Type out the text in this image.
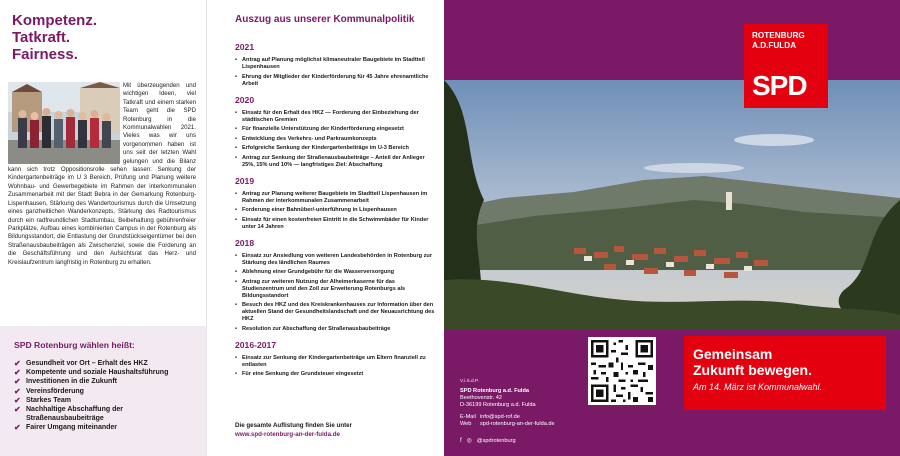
Kompetenz.
Tatkraft.
Fairness.
Mit überzeugenden und wichtigen Ideen, viel Tatkraft und einem starken Team geht die SPD Rotenburg in die Kommunalwahlen 2021. Vieles was wir uns vorgenommen haben ist uns seit der letzten Wahl gelungen und die Bilanz kann sich trotz Oppositionsrolle sehen lassen: Senkung der Kindergartenbeiträge im U 3 Bereich, Prüfung und Planung weitere Wohnbau- und Gewerbegebiete im Rahmen der interkommunalen Zusammenarbeit mit der Stadt Bebra in der Gemarkung Rotenburg-Lispenhausen, Stärkung des Wandertourismus durch die Umsetzung eines ganzheitlichen Wanderkonzepts, Stärkung des Radtourismus durch ein radfreundlichen Stadtumbau, Beibehaltung gebührenfreier Parkplätze, Aufbau eines kombinierten Campus in der Rotenburg als Bildungsstandort, die Entlastung der Grundstückseigentümer bei den Straßenausbaubeiträgen als Zwischenziel, sowie die Forderung an die Geschäftsführung und den Aufsichtsrat das Herz- und Kreislaufzentrum langfristig in Rotenburg zu erhalten.
SPD Rotenburg wählen heißt:
✔ Gesundheit vor Ort – Erhalt des HKZ
✔ Kompetente und soziale Haushaltsführung
✔ Investitionen in die Zukunft
✔ Vereinsförderung
✔ Starkes Team
✔ Nachhaltige Abschaffung der Straßenausbaubeiträge
✔ Fairer Umgang miteinander
Auszug aus unserer Kommunalpolitik
2021
• Antrag auf Planung möglichst klimaneutraler Baugebiete im Stadtteil Lispenhausen
• Ehrung der Mitglieder der Kinderförderung für 45 Jahre ehrenamtliche Arbeit
2020
• Einsatz für den Erhalt des HKZ — Forderung der Einbeziehung der städtischen Gremien
• Für finanzielle Unterstützung der Kinderförderung eingesetzt
• Entwicklung des Verkehrs- und Parkraumkonzepts
• Erfolgreiche Senkung der Kindergartenbeiträge im U-3 Bereich
• Antrag zur Senkung der Straßenausbaubeiträge – Anteil der Anlieger 25%, 15% und 10% — langfristiges Ziel: Abschaffung
2019
• Antrag zur Planung weiterer Baugebiete im Stadtteil Lispenhausen im Rahmen der interkommunalen Zusammenarbeit
• Forderung einer Bahnüber/-unterführung in Lispenhausen
• Einsatz für einen kostenfreien Eintritt in die Schwimmbäder für Kinder unter 14 Jahren
2018
• Einsatz zur Ansiedlung von weiteren Landesbehörden in Rotenburg zur Stärkung des ländlichen Raumes
• Ablehnung einer Grundgebühr für die Wasserversorgung
• Antrag zur weiteren Nutzung der Alheimerkaserne für das Studienzentrum und den Zoll zur Erweiterung Rotenburgs als Bildungsstandort
• Besuch des HKZ und des Kreiskrankenhauses zur Information über den aktuellen Stand der Gesundheitslandschaft und der Neuausrichtung des HKZ
• Resolution zur Abschaffung der Straßenausbaubeiträge
2016-2017
• Einsatz zur Senkung der Kindergartenbeiträge um Eltern finanziell zu entlasten
• Für eine Senkung der Grundsteuer eingesetzt
Die gesamte Auflistung finden Sie unter
www.spd-rotenburg-an-der-fulda.de
ROTENBURG
A.D.FULDA
SPD
Gemeinsam
Zukunft bewegen.
Am 14. März ist Kommunalwahl.
V.i.S.d.P.
SPD Rotenburg a.d. Fulda
Beethovenstr. 42
D-36199 Rotenburg a.d. Fulda
E-Mail info@spd-rof.de
Web	spd-rotenburg-an-der-fulda.de
f ◎ @spdrotenburg
